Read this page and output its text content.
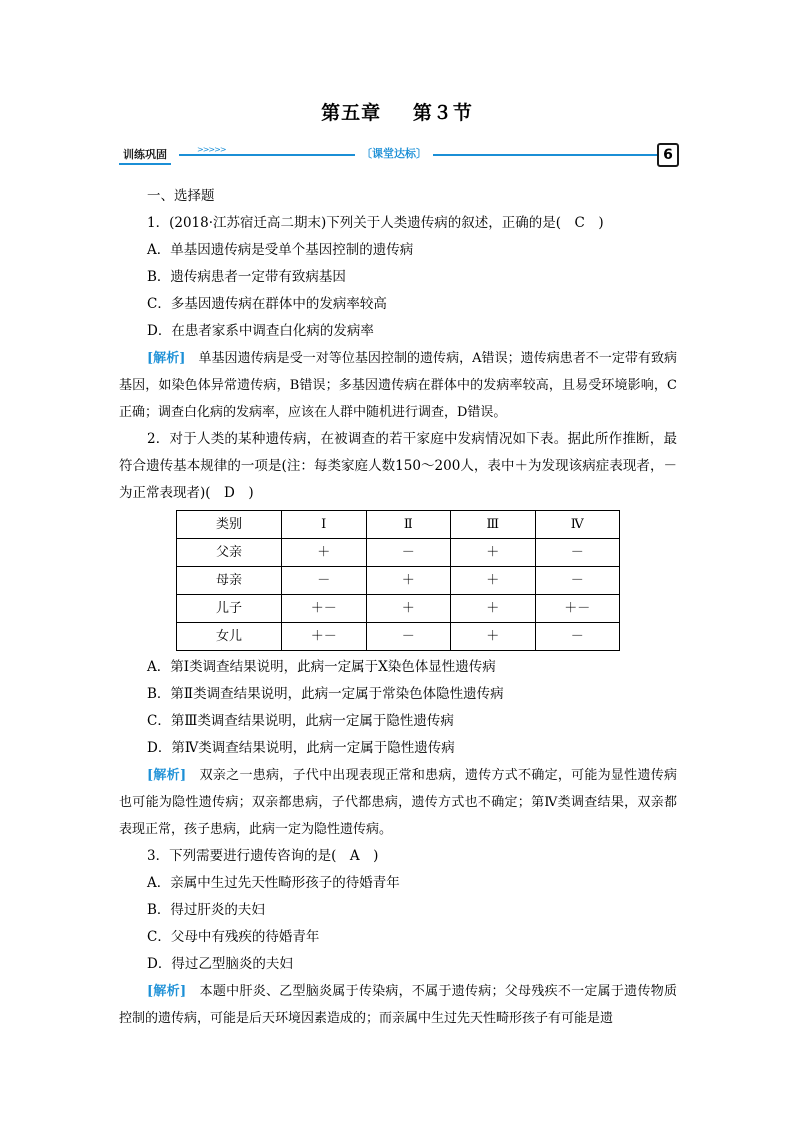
第五章 第３节
训练巩固	>>>>>	〔课堂达标〕	6

一、选择题

1．(2018·江苏宿迁高二期末)下列关于人类遗传病的叙述，正确的是(　C　)

A．单基因遗传病是受单个基因控制的遗传病

B．遗传病患者一定带有致病基因

C．多基因遗传病在群体中的发病率较高

D．在患者家系中调查白化病的发病率

[解析]　单基因遗传病是受一对等位基因控制的遗传病，A错误；遗传病患者不一定带有致病基因，如染色体异常遗传病，B错误；多基因遗传病在群体中的发病率较高，且易受环境影响，C正确；调查白化病的发病率，应该在人群中随机进行调查，D错误。

2．对于人类的某种遗传病，在被调查的若干家庭中发病情况如下表。据此所作推断，最符合遗传基本规律的一项是(注：每类家庭人数150～200人，表中＋为发现该病症表现者，－为正常表现者)(　D　)

类别	Ⅰ	Ⅱ	Ⅲ	Ⅳ
父亲	＋	－	＋	－
母亲	－	＋	＋	－
儿子	＋－	＋	＋	＋－
女儿	＋－	－	＋	－

A．第Ⅰ类调查结果说明，此病一定属于X染色体显性遗传病

B．第Ⅱ类调查结果说明，此病一定属于常染色体隐性遗传病

C．第Ⅲ类调查结果说明，此病一定属于隐性遗传病

D．第Ⅳ类调查结果说明，此病一定属于隐性遗传病

[解析]　双亲之一患病，子代中出现表现正常和患病，遗传方式不确定，可能为显性遗传病也可能为隐性遗传病；双亲都患病，子代都患病，遗传方式也不确定；第Ⅳ类调查结果，双亲都表现正常，孩子患病，此病一定为隐性遗传病。

3．下列需要进行遗传咨询的是(　A　)

A．亲属中生过先天性畸形孩子的待婚青年

B．得过肝炎的夫妇

C．父母中有残疾的待婚青年

D．得过乙型脑炎的夫妇

[解析]　本题中肝炎、乙型脑炎属于传染病，不属于遗传病；父母残疾不一定属于遗传物质控制的遗传病，可能是后天环境因素造成的；而亲属中生过先天性畸形孩子有可能是遗
